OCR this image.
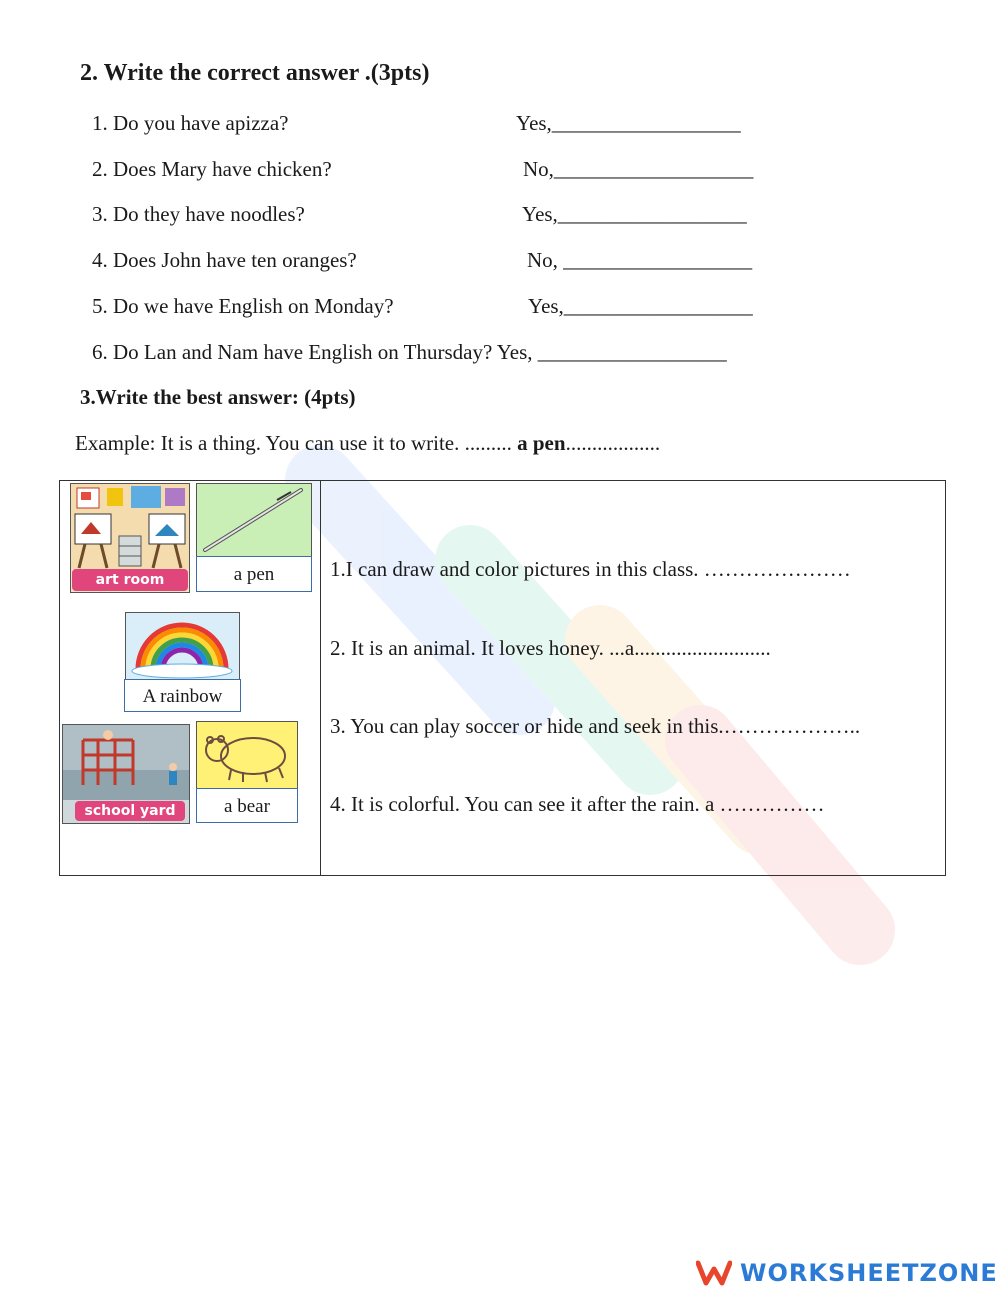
2. Write the correct answer .(3pts)
1. Do you have apizza?	Yes,__________________
2. Does Mary have chicken?	No,___________________
3. Do they have noodles?	Yes,__________________
4. Does John have ten oranges?	No, __________________
5. Do we have English on Monday?	Yes,__________________
6. Do Lan and Nam have English on Thursday? Yes, __________________
3.Write the best answer: (4pts)
Example: It is a thing. You can use it to write. ......... a pen..................
art room	a pen
A rainbow
school yard	a bear
1.I can draw and color pictures in this class. …………………
2. It is an animal. It loves honey. ...a..........................
3. You can play soccer or hide and seek in this.………………..
4. It is colorful. You can see it after the rain. a ……………
WORKSHEETZONE
